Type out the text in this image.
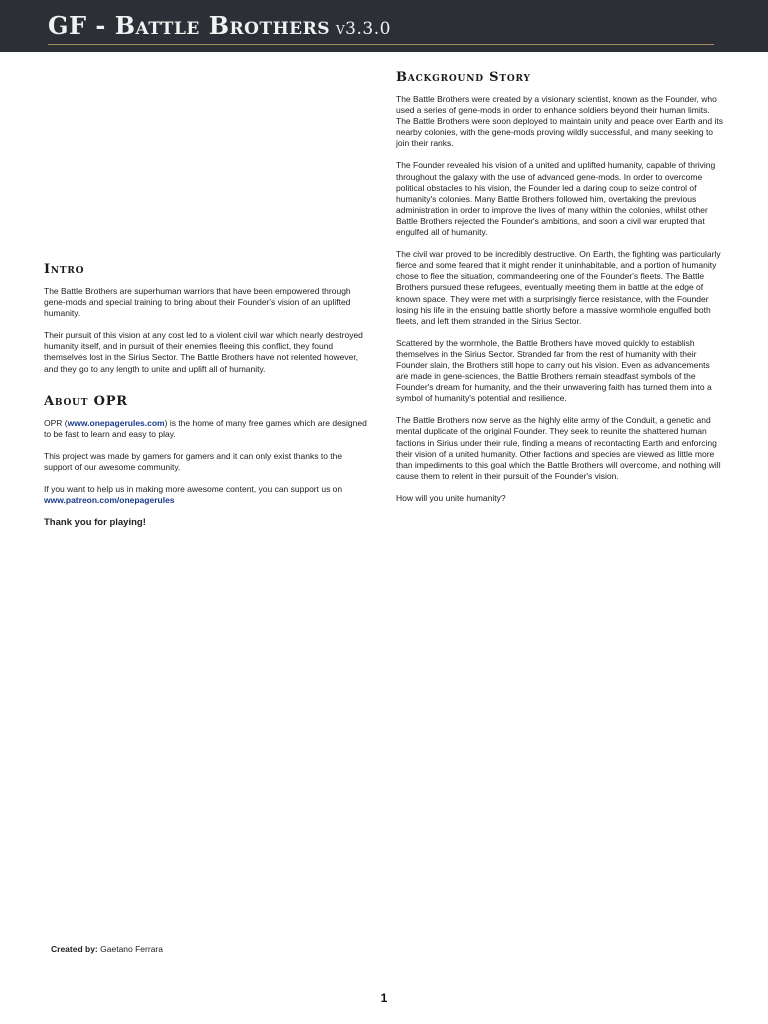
GF - Battle Brothers v3.3.0
Intro

The Battle Brothers are superhuman warriors that have been empowered through gene-mods and special training to bring about their Founder's vision of an uplifted humanity.

Their pursuit of this vision at any cost led to a violent civil war which nearly destroyed humanity itself, and in pursuit of their enemies fleeing this conflict, they found themselves lost in the Sirius Sector. The Battle Brothers have not relented however, and they go to any length to unite and uplift all of humanity.

About OPR

OPR (www.onepagerules.com) is the home of many free games which are designed to be fast to learn and easy to play.

This project was made by gamers for gamers and it can only exist thanks to the support of our awesome community.

If you want to help us in making more awesome content, you can support us on www.patreon.com/onepagerules

Thank you for playing!

Background Story

The Battle Brothers were created by a visionary scientist, known as the Founder, who used a series of gene-mods in order to enhance soldiers beyond their human limits. The Battle Brothers were soon deployed to maintain unity and peace over Earth and its nearby colonies, with the gene-mods proving wildly successful, and many seeking to join their ranks.

The Founder revealed his vision of a united and uplifted humanity, capable of thriving throughout the galaxy with the use of advanced gene-mods. In order to overcome political obstacles to his vision, the Founder led a daring coup to seize control of humanity's colonies. Many Battle Brothers followed him, overtaking the previous administration in order to improve the lives of many within the colonies, whilst other Battle Brothers rejected the Founder's ambitions, and soon a civil war erupted that engulfed all of humanity.

The civil war proved to be incredibly destructive. On Earth, the fighting was particularly fierce and some feared that it might render it uninhabitable, and a portion of humanity chose to flee the situation, commandeering one of the Founder's fleets. The Battle Brothers pursued these refugees, eventually meeting them in battle at the edge of known space. They were met with a surprisingly fierce resistance, with the Founder losing his life in the ensuing battle shortly before a massive wormhole engulfed both fleets, and left them stranded in the Sirius Sector.

Scattered by the wormhole, the Battle Brothers have moved quickly to establish themselves in the Sirius Sector. Stranded far from the rest of humanity with their Founder slain, the Brothers still hope to carry out his vision. Even as advancements are made in gene-sciences, the Battle Brothers remain steadfast symbols of the Founder's dream for humanity, and the their unwavering faith has turned them into a symbol of humanity's potential and resilience.

The Battle Brothers now serve as the highly elite army of the Conduit, a genetic and mental duplicate of the original Founder. They seek to reunite the shattered human factions in Sirius under their rule, finding a means of recontacting Earth and enforcing their vision of a united humanity. Other factions and species are viewed as little more than impediments to this goal which the Battle Brothers will overcome, and nothing will cause them to relent in their pursuit of the Founder's vision.

How will you unite humanity?

Created by: Gaetano Ferrara
1
